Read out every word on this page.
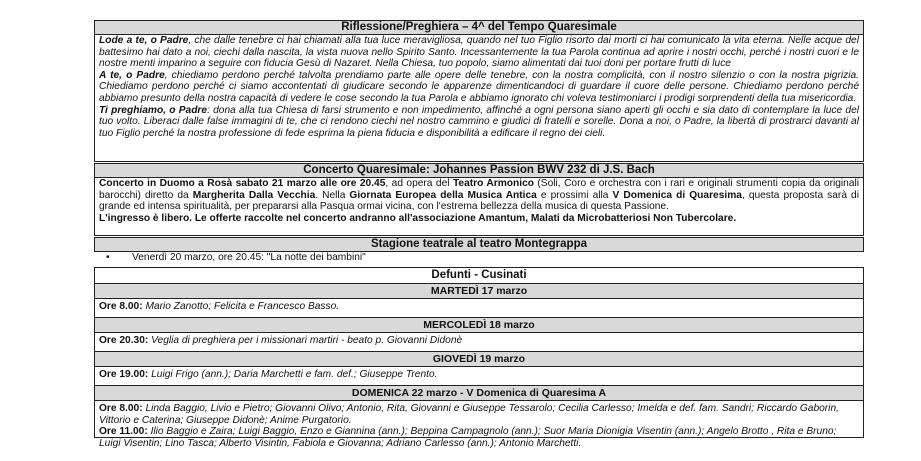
Riflessione/Preghiera – 4^ del Tempo Quaresimale
Lode a te, o Padre, che dalle tenebre ci hai chiamati alla tua luce meravigliosa, quando nel tuo Figlio risorto dai morti ci hai comunicato la vita eterna. Nelle acque del battesimo hai dato a noi, ciechi dalla nascita, la vista nuova nello Spirito Santo. Incessantemente la tua Parola continua ad aprire i nostri occhi, perché i nostri cuori e le nostre menti imparino a seguire con fiducia Gesù di Nazaret. Nella Chiesa, tuo popolo, siamo alimentati dai tuoi doni per portare frutti di luce
A te, o Padre, chiediamo perdono perché talvolta prendiamo parte alle opere delle tenebre, con la nostra complicità, con il nostro silenzio o con la nostra pigrizia. Chiediamo perdono perché ci siamo accontentati di giudicare secondo le apparenze dimenticandoci di guardare il cuore delle persone. Chiediamo perdono perché abbiamo presunto della nostra capacità di vedere le cose secondo la tua Parola e abbiamo ignorato chi voleva testimoniarci i prodigi sorprendenti della tua misericordia.
Ti preghiamo, o Padre: dona alla tua Chiesa di farsi strumento e non impedimento, affinché a ogni persona siano aperti gli occhi e sia dato di contemplare la luce del tuo volto. Liberaci dalle false immagini di te, che ci rendono ciechi nel nostro cammino e giudici di fratelli e sorelle. Dona a noi, o Padre, la libertà di prostrarci davanti al tuo Figlio perché la nostra professione di fede esprima la piena fiducia e disponibilità a edificare il regno dei cieli.
Concerto Quaresimale: Johannes Passion BWV 232 di J.S. Bach
Concerto in Duomo a Rosà sabato 21 marzo alle ore 20.45, ad opera del Teatro Armonico (Soli, Coro e orchestra con i rari e originali strumenti copia da originali barocchi) diretto da Margherita Dalla Vecchia. Nella Giornata Europea della Musica Antica e prossimi alla V Domenica di Quaresima, questa proposta sarà di grande ed intensa spiritualità, per prepararsi alla Pasqua ormai vicina, con l'estrema bellezza della musica di questa Passione.
L'ingresso è libero. Le offerte raccolte nel concerto andranno all'associazione Amantum, Malati da Microbatteriosi Non Tubercolare.
Stagione teatrale al teatro Montegrappa
• Venerdì 20 marzo, ore 20.45: "La notte dei bambini"
Defunti - Cusinati
MARTEDÌ 17 marzo
Ore 8.00: Mario Zanotto; Felicita e Francesco Basso.
MERCOLEDÌ 18 marzo
Ore 20.30: Veglia di preghiera per i missionari martiri - beato p. Giovanni Didonè
GIOVEDÌ 19 marzo
Ore 19.00: Luigi Frigo (ann.); Daria Marchetti e fam. def.; Giuseppe Trento.
DOMENICA 22 marzo - V Domenica di Quaresima A
Ore 8.00: Linda Baggio, Livio e Pietro; Giovanni Olivo; Antonio, Rita, Giovanni e Giuseppe Tessarolo; Cecilia Carlesso; Imelda e def. fam. Sandri; Riccardo Gaborin, Vittorio e Caterina; Giuseppe Didonè; Anime Purgatorio.
Ore 11.00: Ilio Baggio e Zaira; Luigi Baggio, Enzo e Giannina (ann.); Beppina Campagnolo (ann.); Suor Maria Dionigia Visentin (ann.); Angelo Brotto , Rita e Bruno; Luigi Visentin; Lino Tasca; Alberto Visintin, Fabiola e Giovanna; Adriano Carlesso (ann.); Antonio Marchetti.
